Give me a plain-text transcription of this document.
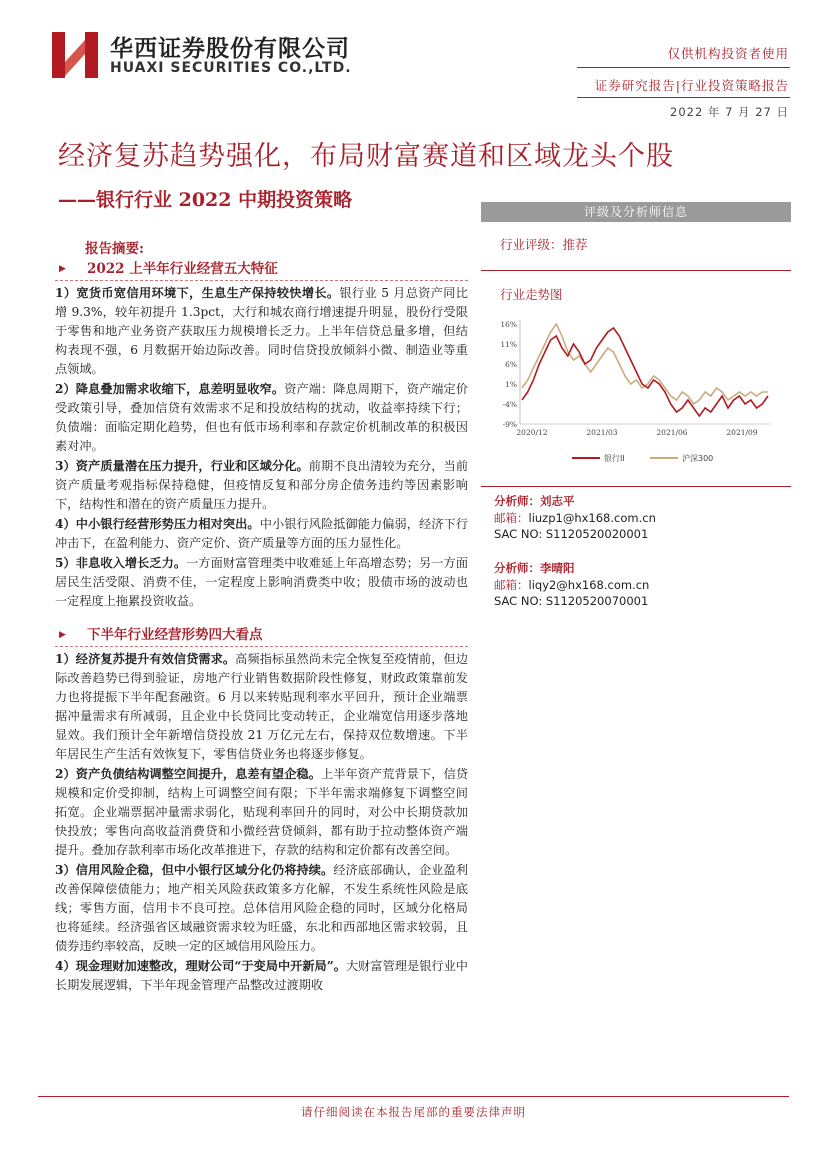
华西证券股份有限公司
HUAXI SECURITIES CO.,LTD.
仅供机构投资者使用
证券研究报告|行业投资策略报告
2022 年 7 月 27 日
经济复苏趋势强化，布局财富赛道和区域龙头个股
——银行行业 2022 中期投资策略
报告摘要:
▶	2022 上半年行业经营五大特征

1）宽货币宽信用环境下，生息生产保持较快增长。银行业 5 月总资产同比增 9.3%，较年初提升 1.3pct，大行和城农商行增速提升明显，股份行受限于零售和地产业务资产获取压力规模增长乏力。上半年信贷总量多增，但结构表现不强，6 月数据开始边际改善。同时信贷投放倾斜小微、制造业等重点领域。

2）降息叠加需求收缩下，息差明显收窄。资产端：降息周期下，资产端定价受政策引导，叠加信贷有效需求不足和投放结构的扰动，收益率持续下行；负债端：面临定期化趋势，但也有低市场利率和存款定价机制改革的积极因素对冲。

3）资产质量潜在压力提升，行业和区域分化。前期不良出清较为充分，当前资产质量考观指标保持稳健，但疫情反复和部分房企债务违约等因素影响下，结构性和潜在的资产质量压力提升。

4）中小银行经营形势压力相对突出。中小银行风险抵御能力偏弱，经济下行冲击下，在盈利能力、资产定价、资产质量等方面的压力显性化。

5）非息收入增长乏力。一方面财富管理类中收难延上年高增态势；另一方面居民生活受限、消费不佳，一定程度上影响消费类中收；股债市场的波动也一定程度上拖累投资收益。

▶	下半年行业经营形势四大看点

1）经济复苏提升有效信贷需求。高频指标虽然尚未完全恢复至疫情前，但边际改善趋势已得到验证，房地产行业销售数据阶段性修复，财政政策靠前发力也将提振下半年配套融资。6 月以来转贴现利率水平回升，预计企业端票据冲量需求有所减弱，且企业中长贷同比变动转正，企业端宽信用逐步落地显效。我们预计全年新增信贷投放 21 万亿元左右，保持双位数增速。下半年居民生产生活有效恢复下，零售信贷业务也将逐步修复。

2）资产负债结构调整空间提升，息差有望企稳。上半年资产荒背景下，信贷规模和定价受抑制，结构上可调整空间有限；下半年需求端修复下调整空间拓宽。企业端票据冲量需求弱化，贴现利率回升的同时，对公中长期贷款加快投放；零售向高收益消费贷和小微经营贷倾斜，都有助于拉动整体资产端提升。叠加存款利率市场化改革推进下，存款的结构和定价都有改善空间。

3）信用风险企稳，但中小银行区域分化仍将持续。经济底部确认，企业盈利改善保障偿债能力；地产相关风险获政策多方化解，不发生系统性风险是底线；零售方面，信用卡不良可控。总体信用风险企稳的同时，区域分化格局也将延续。经济强省区域融资需求较为旺盛，东北和西部地区需求较弱，且债券违约率较高，反映一定的区域信用风险压力。

4）现金理财加速整改，理财公司“于变局中开新局”。大财富管理是银行业中长期发展逻辑，下半年现金管理产品整改过渡期收

评级及分析师信息
行业评级：推荐
行业走势图
16%
11%
6%
1%
-4%
-9%
2020/12	2021/03	2021/06	2021/09
银行II	沪深300
分析师：刘志平
邮箱：liuzp1@hx168.com.cn
SAC NO: S1120520020001
分析师：李晴阳
邮箱：liqy2@hx168.com.cn
SAC NO: S1120520070001
请仔细阅读在本报告尾部的重要法律声明
